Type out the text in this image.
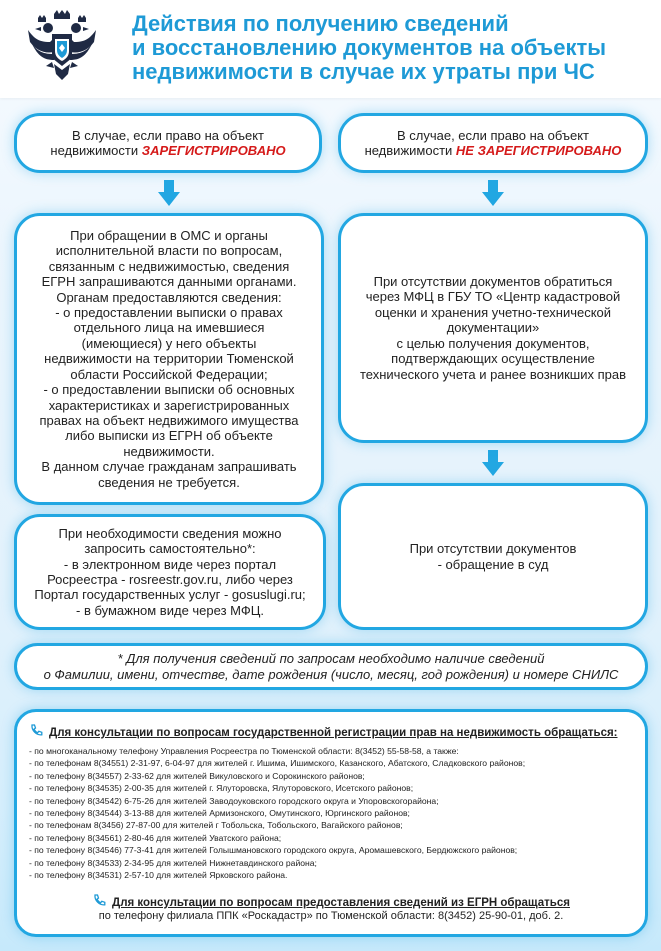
Действия по получению сведений
и восстановлению документов на объекты
недвижимости в случае их утраты при ЧС
В случае, если право на объект
недвижимости ЗАРЕГИСТРИРОВАНО
В случае, если право на объект
недвижимости НЕ ЗАРЕГИСТРИРОВАНО
При обращении в ОМС и органы
исполнительной власти по вопросам,
связанным с недвижимостью, сведения
ЕГРН запрашиваются данными органами.
Органам предоставляются сведения:
- о предоставлении выписки о правах
отдельного лица на имевшиеся
(имеющиеся) у него объекты
недвижимости на территории Тюменской
области Российской Федерации;
- о предоставлении выписки об основных
характеристиках и зарегистрированных
правах на объект недвижимого имущества
либо выписки из ЕГРН об объекте
недвижимости.
В данном случае гражданам запрашивать
сведения не требуется.
При отсутствии документов обратиться
через МФЦ в ГБУ ТО «Центр кадастровой
оценки и хранения учетно-технической
документации»
с целью получения документов,
подтверждающих осуществление
технического учета и ранее возникших прав
При необходимости сведения можно
запросить самостоятельно*:
- в электронном виде через портал
Росреестра - rosreestr.gov.ru, либо через
Портал государственных услуг - gosuslugi.ru;
- в бумажном виде через МФЦ.
При отсутствии документов
- обращение в суд
* Для получения сведений по запросам необходимо наличие сведений
о Фамилии, имени, отчестве, дате рождения (число, месяц, год рождения) и номере СНИЛС
Для консультации по вопросам государственной регистрации прав на недвижимость обращаться:
- по многоканальному телефону Управления Росреестра по Тюменской области: 8(3452) 55-58-58, а также:
- по телефонам 8(34551) 2-31-97, 6-04-97 для жителей г. Ишима, Ишимского, Казанского, Абатского, Сладковского районов;
- по телефону 8(34557) 2-33-62 для жителей Викуловского и Сорокинского районов;
- по телефону 8(34535) 2-00-35 для жителей г. Ялуторовска, Ялуторовского, Исетского районов;
- по телефону 8(34542) 6-75-26 для жителей Заводоуковского городского округа и Упоровскогорайона;
- по телефону 8(34544) 3-13-88 для жителей Армизонского, Омутинского, Юргинского районов;
- по телефонам 8(3456) 27-87-00 для жителей г Тобольска, Тобольского, Вагайского районов;
- по телефону 8(34561) 2-80-46 для жителей Уватского района;
- по телефону 8(34546) 77-3-41 для жителей Голышмановского городского округа, Аромашевского, Бердюжского районов;
- по телефону 8(34533) 2-34-95 для жителей Нижнетавдинского района;
- по телефону 8(34531) 2-57-10 для жителей Ярковского района.
Для консультации по вопросам предоставления сведений из ЕГРН обращаться
по телефону филиала ППК «Роскадастр» по Тюменской области: 8(3452) 25-90-01, доб. 2.
